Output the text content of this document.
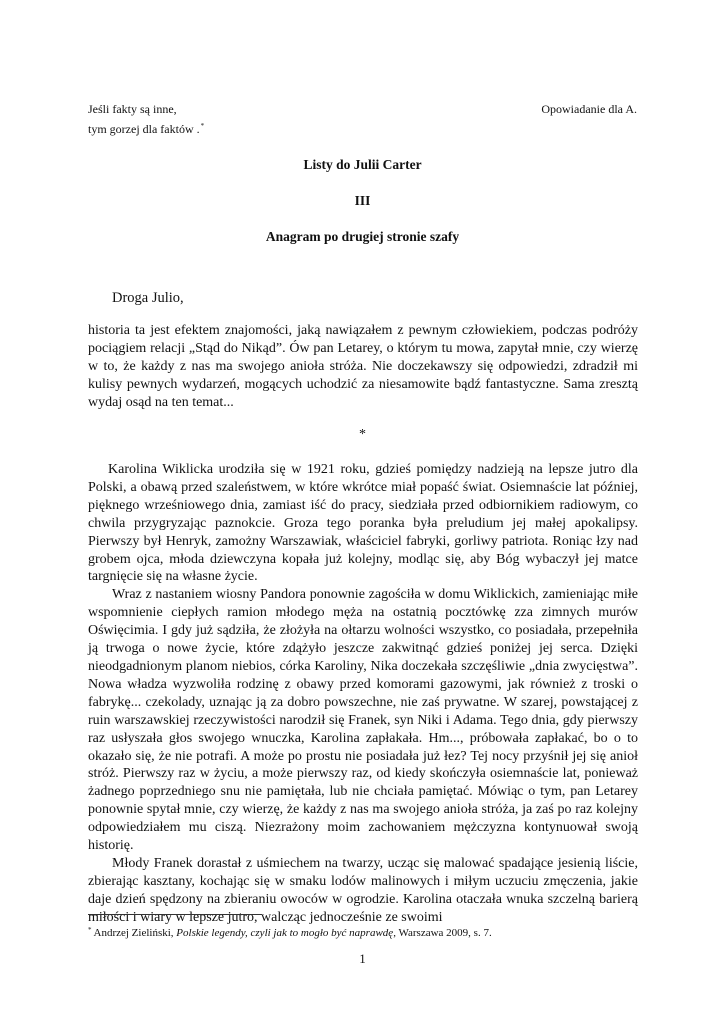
Jeśli fakty są inne,
tym gorzej dla faktów .*
Opowiadanie dla A.
Listy do Julii Carter
III
Anagram po drugiej stronie szafy
Droga Julio,

historia ta jest efektem znajomości, jaką nawiązałem z pewnym człowiekiem, podczas podróży pociągiem relacji „Stąd do Nikąd”. Ów pan Letarey, o którym tu mowa, zapytał mnie, czy wierzę w to, że każdy z nas ma swojego anioła stróża. Nie doczekawszy się odpowiedzi, zdradził mi kulisy pewnych wydarzeń, mogących uchodzić za niesamowite bądź fantastyczne. Sama zresztą wydaj osąd na ten temat...

*

Karolina Wiklicka urodziła się w 1921 roku, gdzieś pomiędzy nadzieją na lepsze jutro dla Polski, a obawą przed szaleństwem, w które wkrótce miał popaść świat. Osiemnaście lat później, pięknego wrześniowego dnia, zamiast iść do pracy, siedziała przed odbiornikiem radiowym, co chwila przygryzając paznokcie. Groza tego poranka była preludium jej małej apokalipsy. Pierwszy był Henryk, zamożny Warszawiak, właściciel fabryki, gorliwy patriota. Roniąc łzy nad grobem ojca, młoda dziewczyna kopała już kolejny, modląc się, aby Bóg wybaczył jej matce targnięcie się na własne życie.

Wraz z nastaniem wiosny Pandora ponownie zagościła w domu Wiklickich, zamieniając miłe wspomnienie ciepłych ramion młodego męża na ostatnią pocztówkę zza zimnych murów Oświęcimia. I gdy już sądziła, że złożyła na ołtarzu wolności wszystko, co posiadała, przepełniła ją trwoga o nowe życie, które zdążyło jeszcze zakwitnąć gdzieś poniżej jej serca. Dzięki nieodgadnionym planom niebios, córka Karoliny, Nika doczekała szczęśliwie „dnia zwycięstwa”. Nowa władza wyzwoliła rodzinę z obawy przed komorami gazowymi, jak również z troski o fabrykę... czekolady, uznając ją za dobro powszechne, nie zaś prywatne. W szarej, powstającej z ruin warszawskiej rzeczywistości narodził się Franek, syn Niki i Adama. Tego dnia, gdy pierwszy raz usłyszała głos swojego wnuczka, Karolina zapłakała. Hm..., próbowała zapłakać, bo o to okazało się, że nie potrafi. A może po prostu nie posiadała już łez? Tej nocy przyśnił jej się anioł stróż. Pierwszy raz w życiu, a może pierwszy raz, od kiedy skończyła osiemnaście lat, ponieważ żadnego poprzedniego snu nie pamiętała, lub nie chciała pamiętać. Mówiąc o tym, pan Letarey ponownie spytał mnie, czy wierzę, że każdy z nas ma swojego anioła stróża, ja zaś po raz kolejny odpowiedziałem mu ciszą. Niezrażony moim zachowaniem mężczyzna kontynuował swoją historię.

Młody Franek dorastał z uśmiechem na twarzy, ucząc się malować spadające jesienią liście, zbierając kasztany, kochając się w smaku lodów malinowych i miłym uczuciu zmęczenia, jakie daje dzień spędzony na zbieraniu owoców w ogrodzie. Karolina otaczała wnuka szczelną barierą miłości i wiary w lepsze jutro, walcząc jednocześnie ze swoimi

* Andrzej Zieliński, Polskie legendy, czyli jak to mogło być naprawdę, Warszawa 2009, s. 7.
1
